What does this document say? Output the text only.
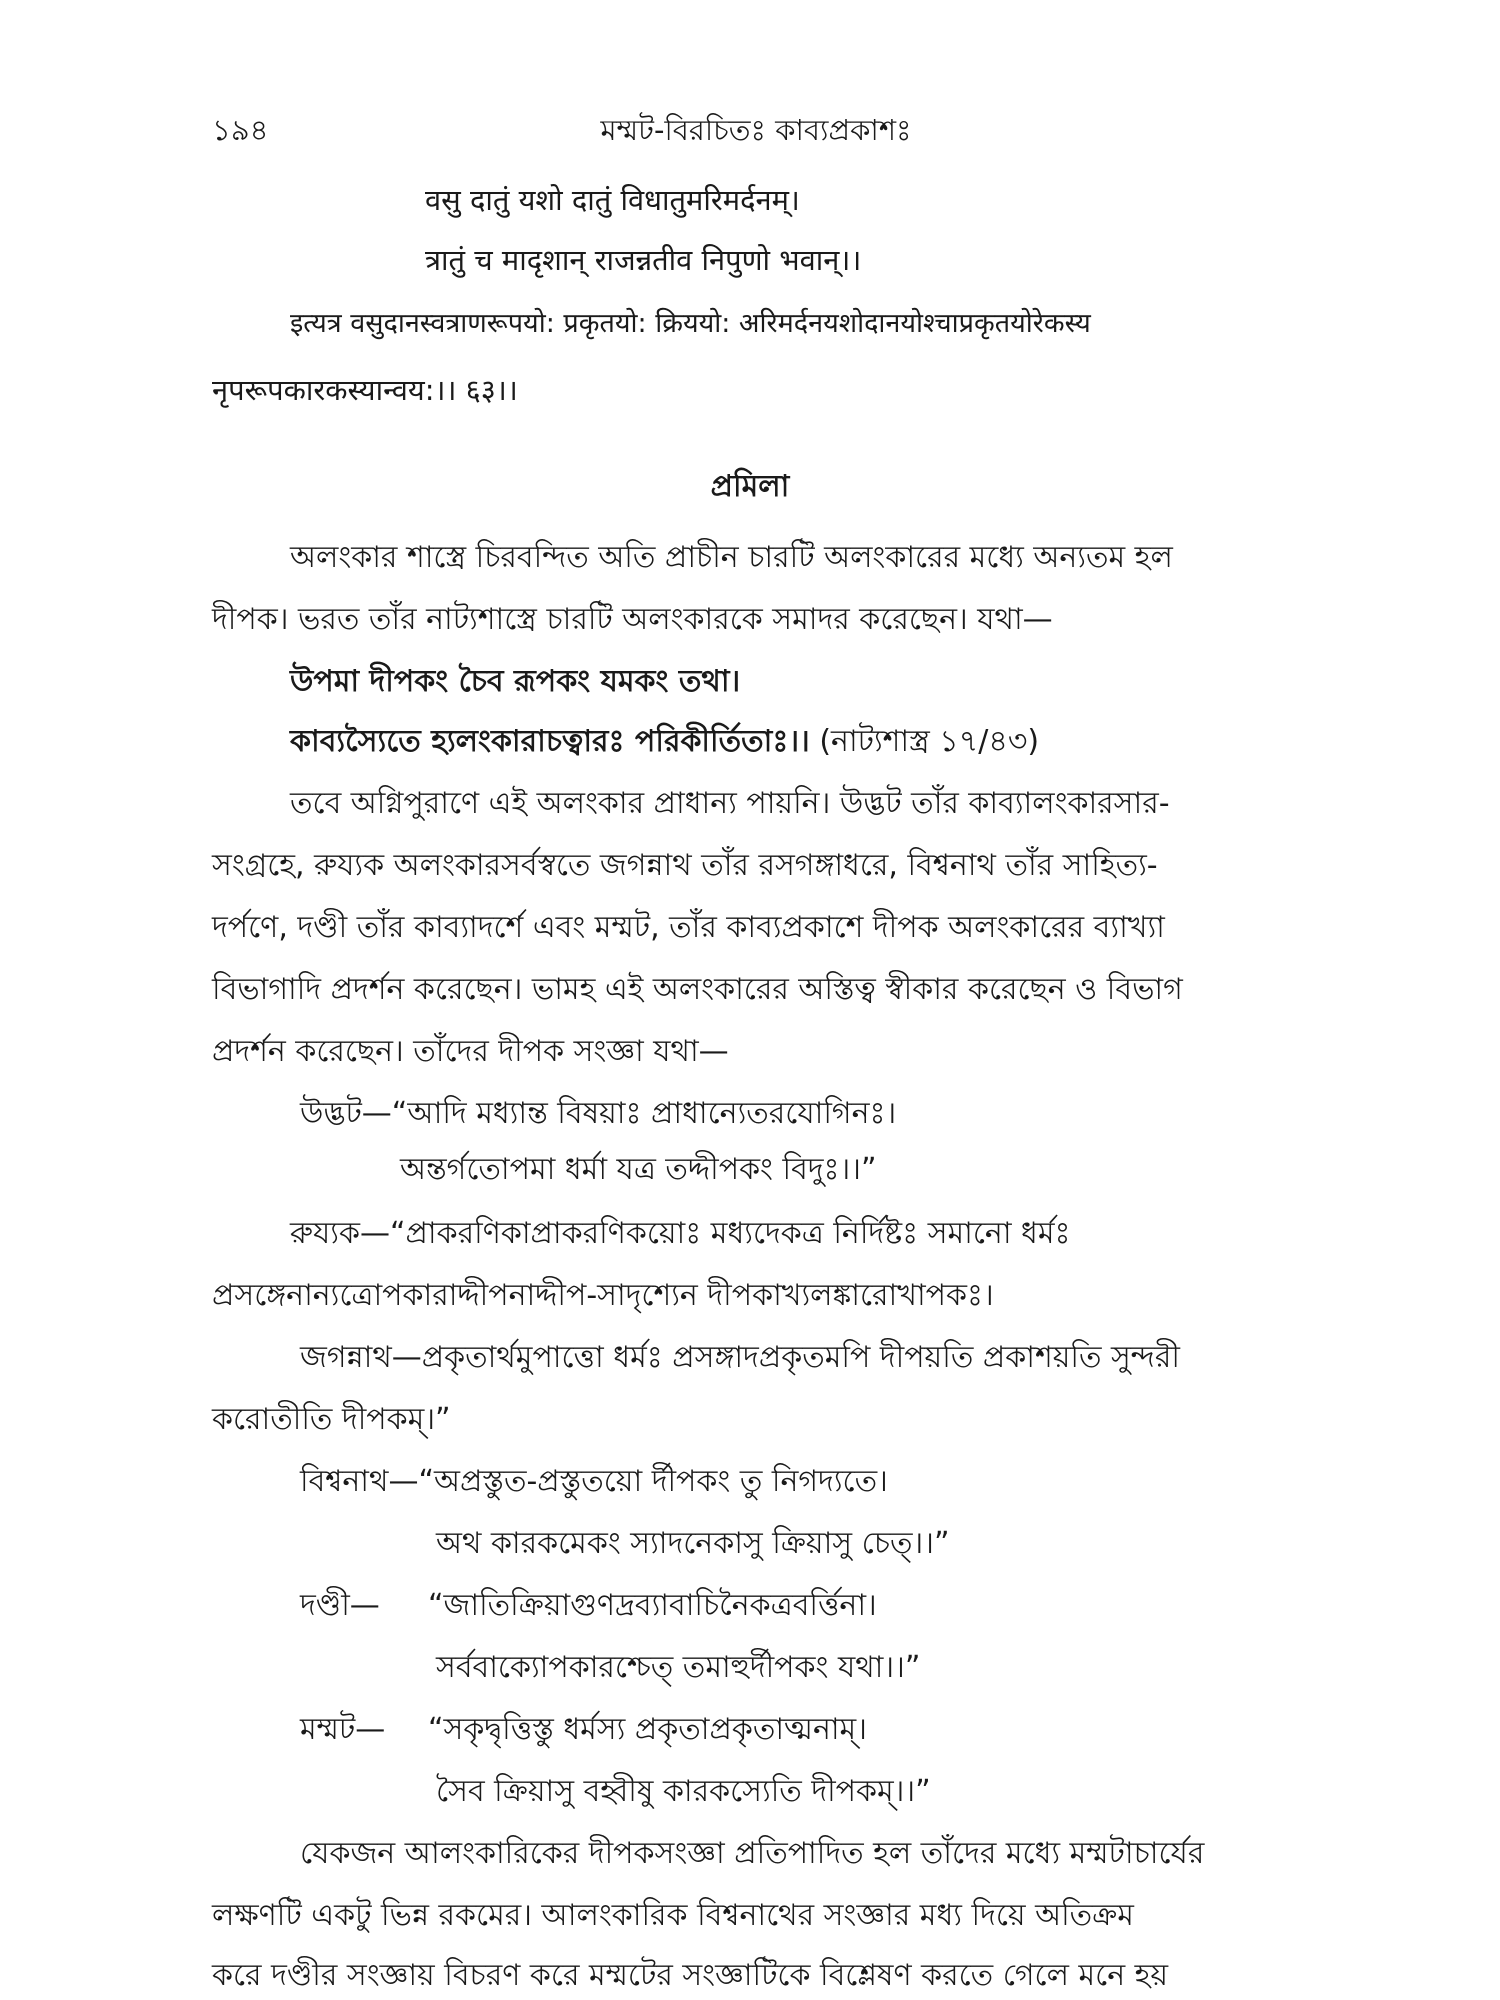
১৯৪	মম্মট-বিরচিতঃ কাব্যপ্রকাশঃ
वसु दातुं यशो दातुं विधातुमरिमर्दनम्।
त्रातुं च मादृशान् राजन्नतीव निपुणो भवान्।।
इत्यत्र वसुदानस्वत्राणरूपयो: प्रकृतयो: क्रिययो: अरिमर्दनयशोदानयोश्चाप्रकृतयोरेकस्य
नृपरूपकारकस्यान्वय:।। ६३।।
প্রমিলা
অলংকার শাস্ত্রে চিরবন্দিত অতি প্রাচীন চারটি অলংকারের মধ্যে অন্যতম হল
দীপক। ভরত তাঁর নাট্যশাস্ত্রে চারটি অলংকারকে সমাদর করেছেন। যথা—
উপমা দীপকং চৈব রূপকং যমকং তথা।
কাব্যস্যৈতে হ্যলংকারাচত্বারঃ পরিকীর্তিতাঃ।। (নাট্যশাস্ত্র ১৭/৪৩)
তবে অগ্নিপুরাণে এই অলংকার প্রাধান্য পায়নি। উদ্ভট তাঁর কাব্যালংকারসার-
সংগ্রহে, রুয্যক অলংকারসর্বস্বতে জগন্নাথ তাঁর রসগঙ্গাধরে, বিশ্বনাথ তাঁর সাহিত্য-
দর্পণে, দণ্ডী তাঁর কাব্যাদর্শে এবং মম্মট, তাঁর কাব্যপ্রকাশে দীপক অলংকারের ব্যাখ্যা
বিভাগাদি প্রদর্শন করেছেন। ভামহ এই অলংকারের অস্তিত্ব স্বীকার করেছেন ও বিভাগ
প্রদর্শন করেছেন। তাঁদের দীপক সংজ্ঞা যথা—
উদ্ভট—“আদি মধ্যান্ত বিষয়াঃ প্রাধান্যেতরযোগিনঃ।
অন্তর্গতোপমা ধর্মা যত্র তদ্দীপকং বিদুঃ।।”
রুয্যক—“প্রাকরণিকাপ্রাকরণিকয়োঃ মধ্যদেকত্র নির্দিষ্টঃ সমানো ধর্মঃ
প্রসঙ্গেনান্যত্রোপকারাদ্দীপনাদ্দীপ-সাদৃশ্যেন দীপকাখ্যলঙ্কারোখাপকঃ।
জগন্নাথ—প্রকৃতার্থমুপাত্তো ধর্মঃ প্রসঙ্গাদপ্রকৃতমপি দীপয়তি প্রকাশয়তি সুন্দরী
করোতীতি দীপকম্।”
বিশ্বনাথ—“অপ্রস্তুত-প্রস্তুতয়ো র্দীপকং তু নিগদ্যতে।
অথ কারকমেকং স্যাদনেকাসু ক্রিয়াসু চেত্।।”
দণ্ডী— “জাতিক্রিয়াগুণদ্রব্যাবাচিনৈকত্রবর্ত্তিনা।
সর্ববাক্যোপকারশ্চেত্ তমাহুর্দীপকং যথা।।”
মম্মট— “সকৃদ্বৃত্তিস্তু ধর্মস্য প্রকৃতাপ্রকৃতাত্মনাম্।
সৈব ক্রিয়াসু বহ্বীষু কারকস্যেতি দীপকম্।।”
যেকজন আলংকারিকের দীপকসংজ্ঞা প্রতিপাদিত হল তাঁদের মধ্যে মম্মটাচার্যের
লক্ষণটি একটু ভিন্ন রকমের। আলংকারিক বিশ্বনাথের সংজ্ঞার মধ্য দিয়ে অতিক্রম
করে দণ্ডীর সংজ্ঞায় বিচরণ করে মম্মটের সংজ্ঞাটিকে বিশ্লেষণ করতে গেলে মনে হয়
